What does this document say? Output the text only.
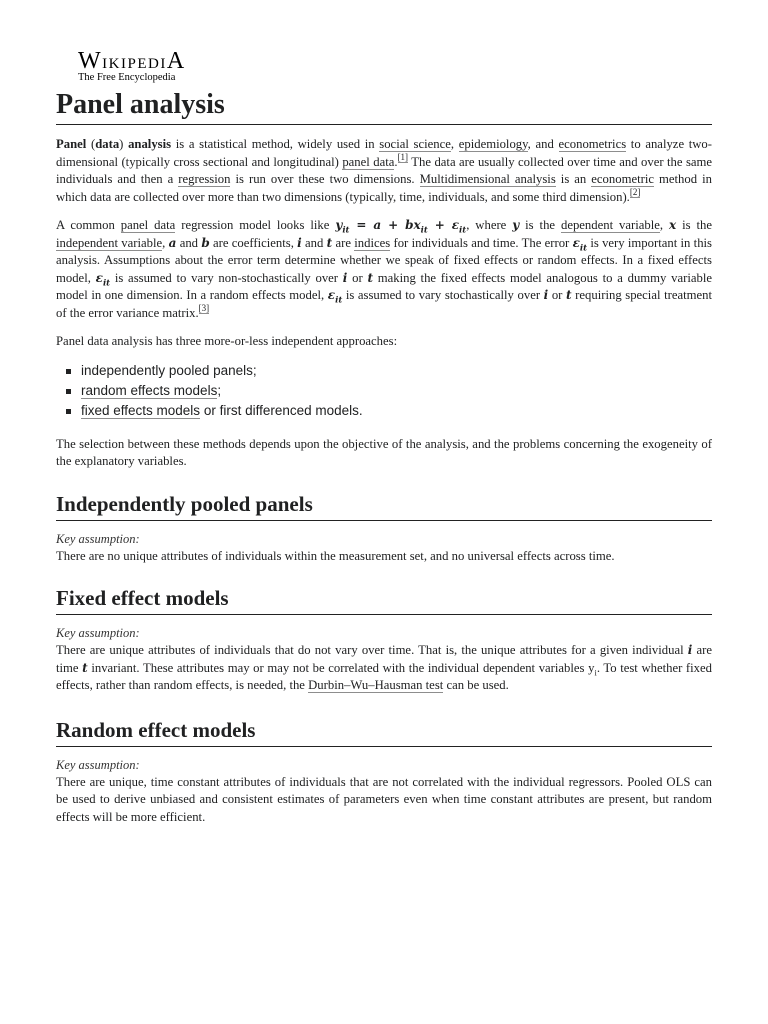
WikipediA
The Free Encyclopedia
Panel analysis

Panel (data) analysis is a statistical method, widely used in social science, epidemiology, and econometrics to analyze two-dimensional (typically cross sectional and longitudinal) panel data.[1] The data are usually collected over time and over the same individuals and then a regression is run over these two dimensions. Multidimensional analysis is an econometric method in which data are collected over more than two dimensions (typically, time, individuals, and some third dimension).[2]

A common panel data regression model looks like $y_{it} = a + bx_{it} + \varepsilon_{it}$, where y is the dependent variable, x is the independent variable, a and b are coefficients, i and t are indices for individuals and time. The error $\varepsilon_{it}$ is very important in this analysis. Assumptions about the error term determine whether we speak of fixed effects or random effects. In a fixed effects model, $\varepsilon_{it}$ is assumed to vary non-stochastically over i or t making the fixed effects model analogous to a dummy variable model in one dimension. In a random effects model, $\varepsilon_{it}$ is assumed to vary stochastically over i or t requiring special treatment of the error variance matrix.[3]

Panel data analysis has three more-or-less independent approaches:

independently pooled panels;
random effects models;
fixed effects models or first differenced models.

The selection between these methods depends upon the objective of the analysis, and the problems concerning the exogeneity of the explanatory variables.

Independently pooled panels
Key assumption:

There are no unique attributes of individuals within the measurement set, and no universal effects across time.

Fixed effect models
Key assumption:

There are unique attributes of individuals that do not vary over time. That is, the unique attributes for a given individual i are time t invariant. These attributes may or may not be correlated with the individual dependent variables $y_i$. To test whether fixed effects, rather than random effects, is needed, the Durbin–Wu–Hausman test can be used.

Random effect models
Key assumption:

There are unique, time constant attributes of individuals that are not correlated with the individual regressors. Pooled OLS can be used to derive unbiased and consistent estimates of parameters even when time constant attributes are present, but random effects will be more efficient.
